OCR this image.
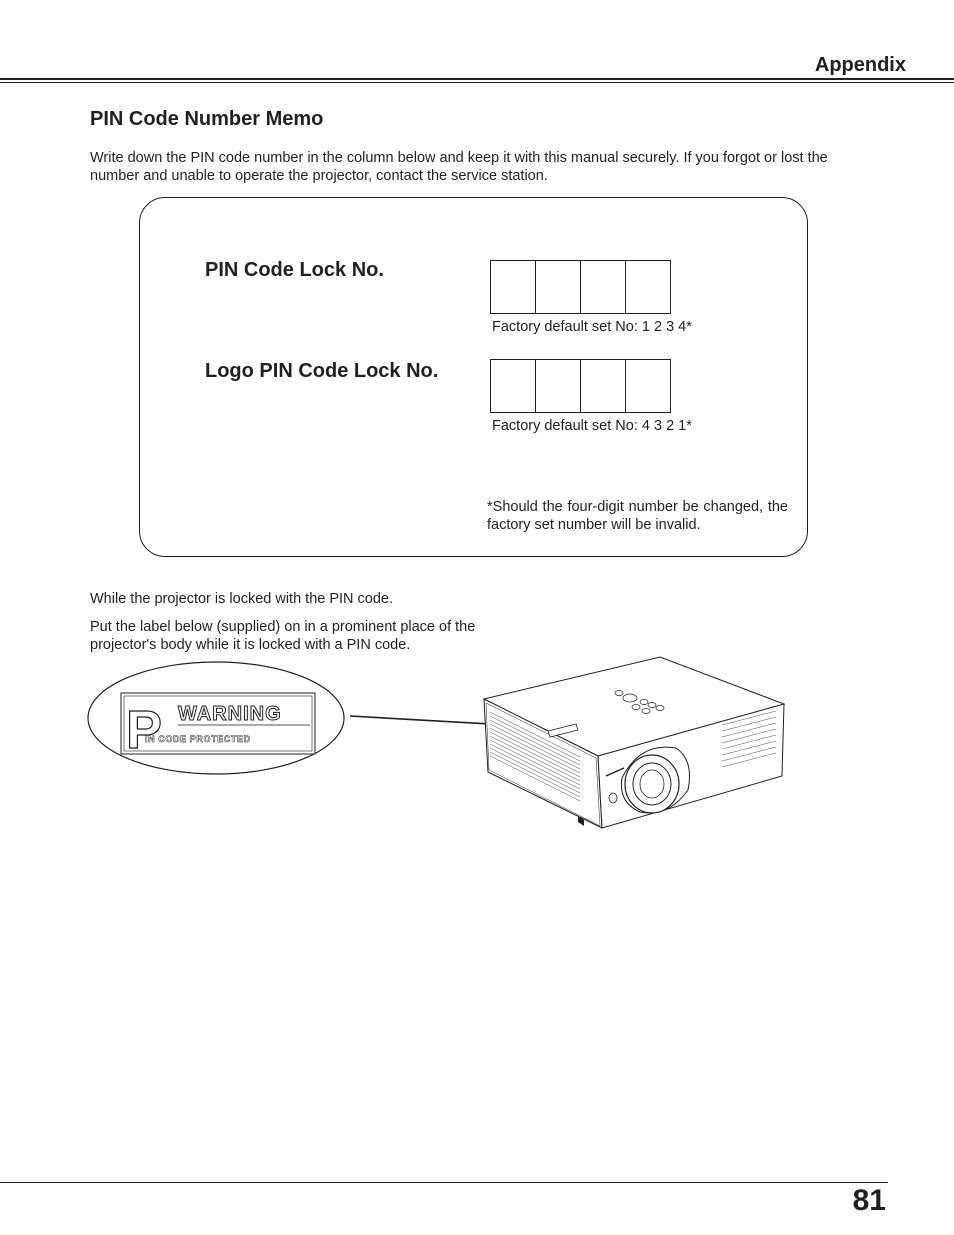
Appendix
PIN Code Number Memo
Write down the PIN code number in the column below and keep it with this manual securely. If you forgot or lost the number and unable to operate the projector, contact the service station.
PIN Code Lock No.
Factory default set No: 1 2 3 4*
Logo PIN Code Lock No.
Factory default set No: 4 3 2 1*
*Should the four-digit number be changed, the factory set number will be invalid.
While the projector is locked with the PIN code.
Put the label below (supplied) on in a prominent place of the projector's body while it is locked with a PIN code.
P WARNING
IN CODE PROTECTED
81
